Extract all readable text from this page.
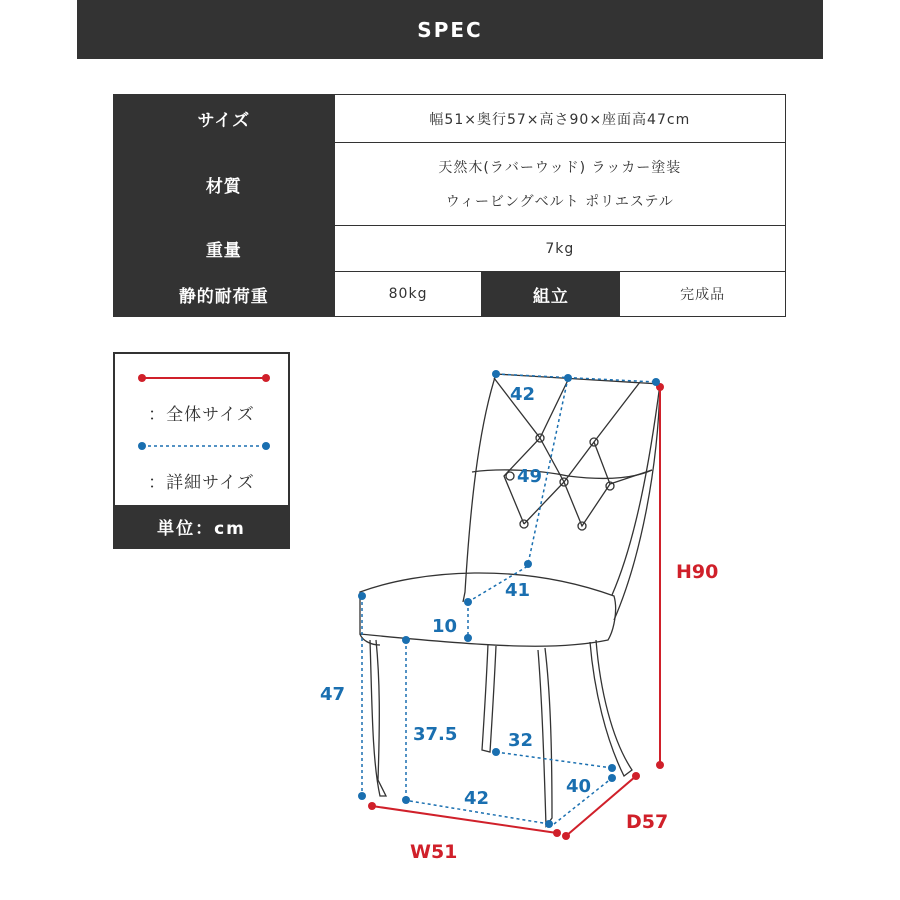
SPEC
サイズ	幅51×奥行57×高さ90×座面高47cm		
材質	天然木(ラバーウッド) ラッカー塗装
ウィービングベルト ポリエステル		

重量	7kg		
静的耐荷重	80kg	組立	完成品
：全体サイズ
：詳細サイズ
単位：cm
42
49
41
10
47
37.5	32
42
40
H90
W51
D57
